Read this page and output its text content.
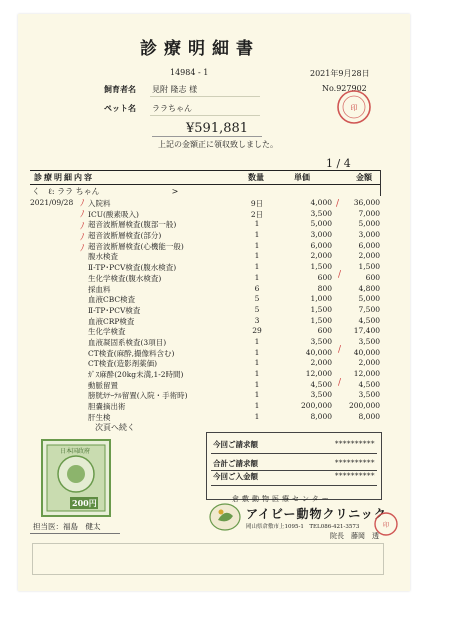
診療明細書
14984 - 1	2021年9月28日
No.927902
印
飼育者名 見附 隆志 様
ペット名 ララちゃん
¥591,881
上記の金額正に領収致しました。
1 / 4
診療明細内容	数量	単価	金額
く　ℓ: ララ ちゃん　　　　　　　　　>
2021/09/28 入院料	9日	4,000	36,000
ICU(酸素吸入)	2日	3,500	7,000
超音波断層検査(腹部一般)	1	5,000	5,000
超音波断層検査(部分)	1	3,000	3,000
超音波断層検査(心機能一般)	1	6,000	6,000
腹水検査	1	2,000	2,000
Ⅱ-TP･PCV検査(腹水検査)	1	1,500	1,500
生化学検査(腹水検査)	1	600	600
採血料	6	800	4,800
血液CBC検査	5	1,000	5,000
Ⅱ-TP･PCV検査	5	1,500	7,500
血液CRP検査	3	1,500	4,500
生化学検査	29	600	17,400
血液凝固系検査(3項目)	1	3,500	3,500
CT検査(麻酔,撮像料含む)	1	40,000	40,000
CT検査(造影剤薬価)	1	2,000	2,000
ｶﾞｽ麻酔(20kg未満,1-2時間)	1	12,000	12,000
動脈留置	1	4,500	4,500
膀胱ｶﾃｰﾃﾙ留置(入院・手術時)	1	3,500	3,500
胆嚢摘出術	1	200,000	200,000
肝生検	1	8,000	8,000
ﾉ
ﾉ
ﾉ
ﾉ
ﾉ
/
/
/
/
次頁へ続く
日本国政府
200円
今回ご請求額	**********
合計ご請求額	**********
今回ご入金額	**********
倉敷動物医療センター
アイビー動物クリニック
岡山県倉敷市上1095-1　TEL086-421-3573
院長　藤岡　透
印
担当医：福島　健太
